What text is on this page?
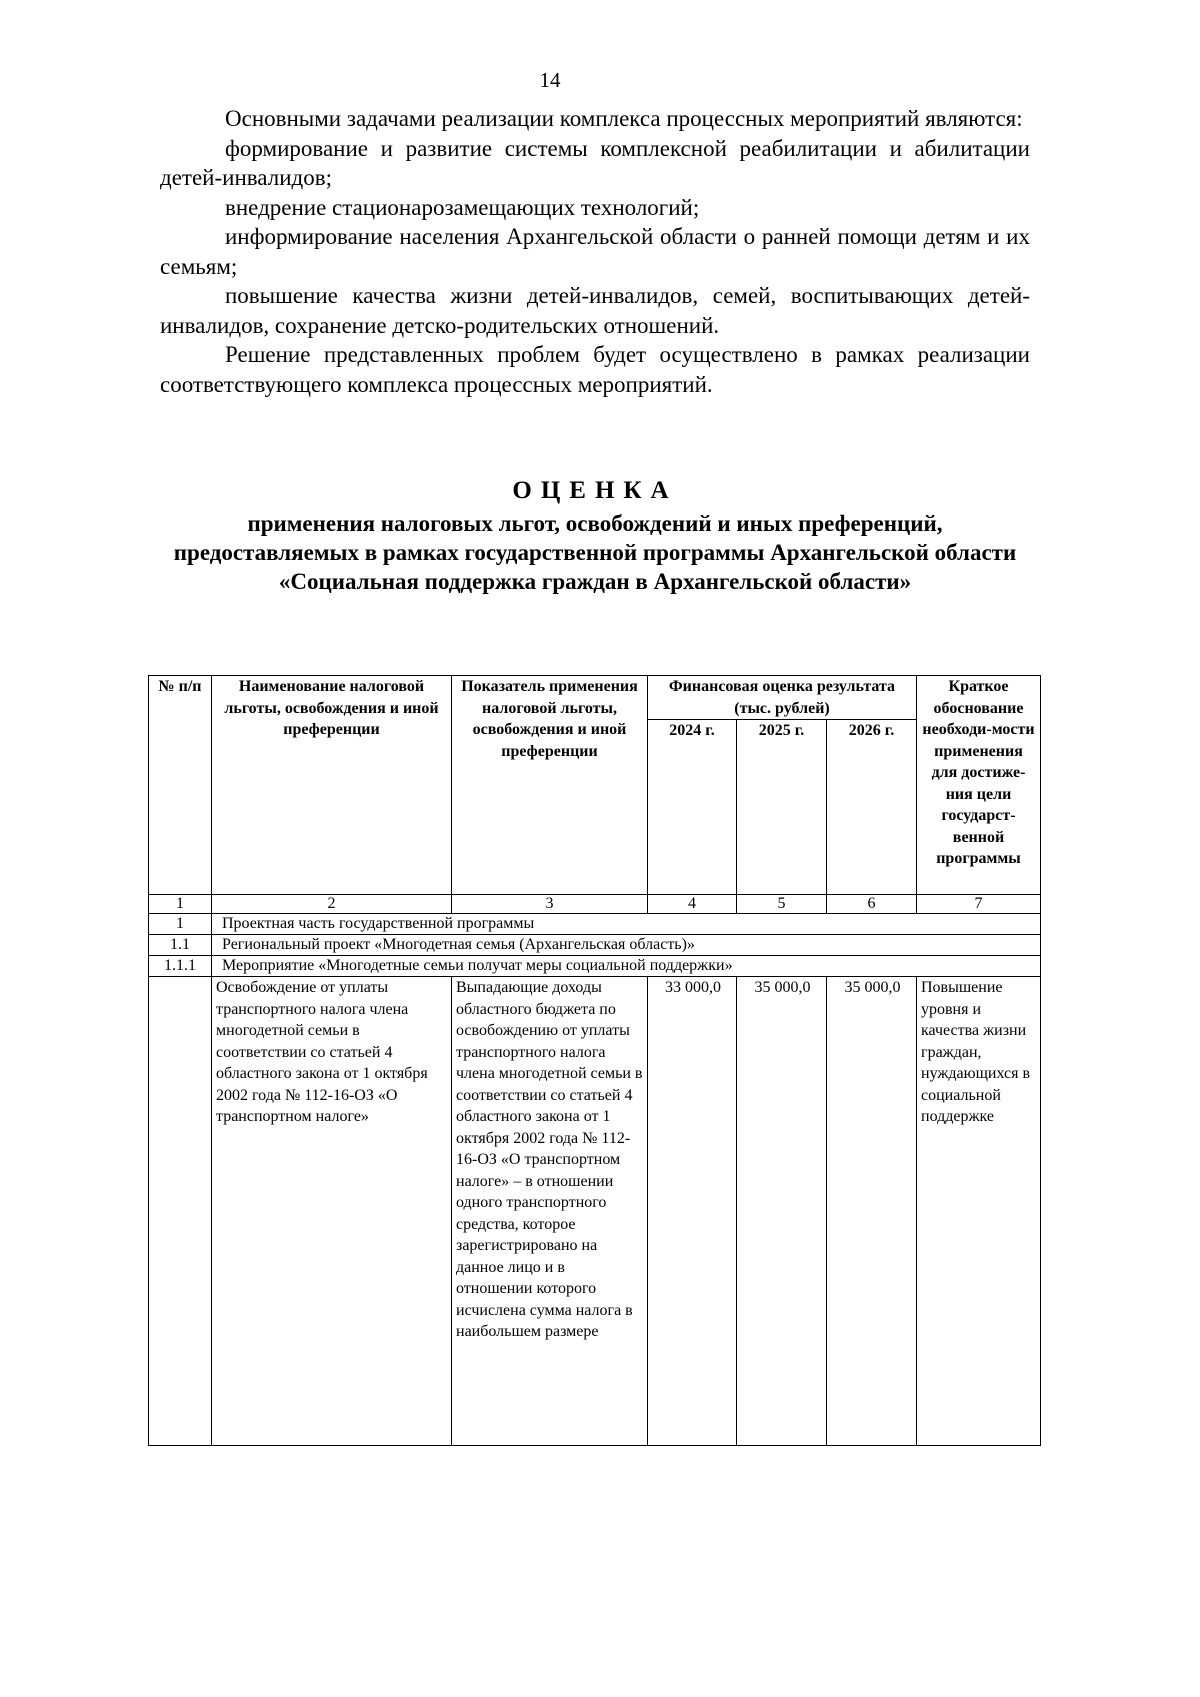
14

Основными задачами реализации комплекса процессных мероприятий являются:

формирование и развитие системы комплексной реабилитации и абилитации детей-инвалидов;

внедрение стационарозамещающих технологий;

информирование населения Архангельской области о ранней помощи детям и их семьям;

повышение качества жизни детей-инвалидов, семей, воспитывающих детей-инвалидов, сохранение детско-родительских отношений.

Решение представленных проблем будет осуществлено в рамках реализации соответствующего комплекса процессных мероприятий.

ОЦЕНКА
применения налоговых льгот, освобождений и иных преференций, предоставляемых в рамках государственной программы Архангельской области «Социальная поддержка граждан в Архангельской области»
№ п/п	Наименование налоговой льготы, освобождения и иной преференции	Показатель применения налоговой льготы, освобождения и иной преференции	Финансовая оценка результата (тыс. рублей)			Краткое обоснование необходи-мости применения для достиже-ния цели государст-венной программы
			2024 г.	2025 г.	2026 г.	
1	2	3	4	5	6	7
1	Проектная часть государственной программы					
1.1	Региональный проект «Многодетная семья (Архангельская область)»					
1.1.1	Мероприятие «Многодетные семьи получат меры социальной поддержки»					
	Освобождение от уплаты транспортного налога члена многодетной семьи в соответствии со статьей 4 областного закона от 1 октября 2002 года № 112-16-ОЗ «О транспортном налоге»	Выпадающие доходы областного бюджета по освобождению от уплаты транспортного налога члена многодетной семьи в соответствии со статьей 4 областного закона от 1 октября 2002 года № 112-16-ОЗ «О транспортном налоге» – в отношении одного транспортного средства, которое зарегистрировано на данное лицо и в отношении которого исчислена сумма налога в наибольшем размере	33 000,0	35 000,0	35 000,0	Повышение уровня и качества жизни граждан, нуждающихся в социальной поддержке
